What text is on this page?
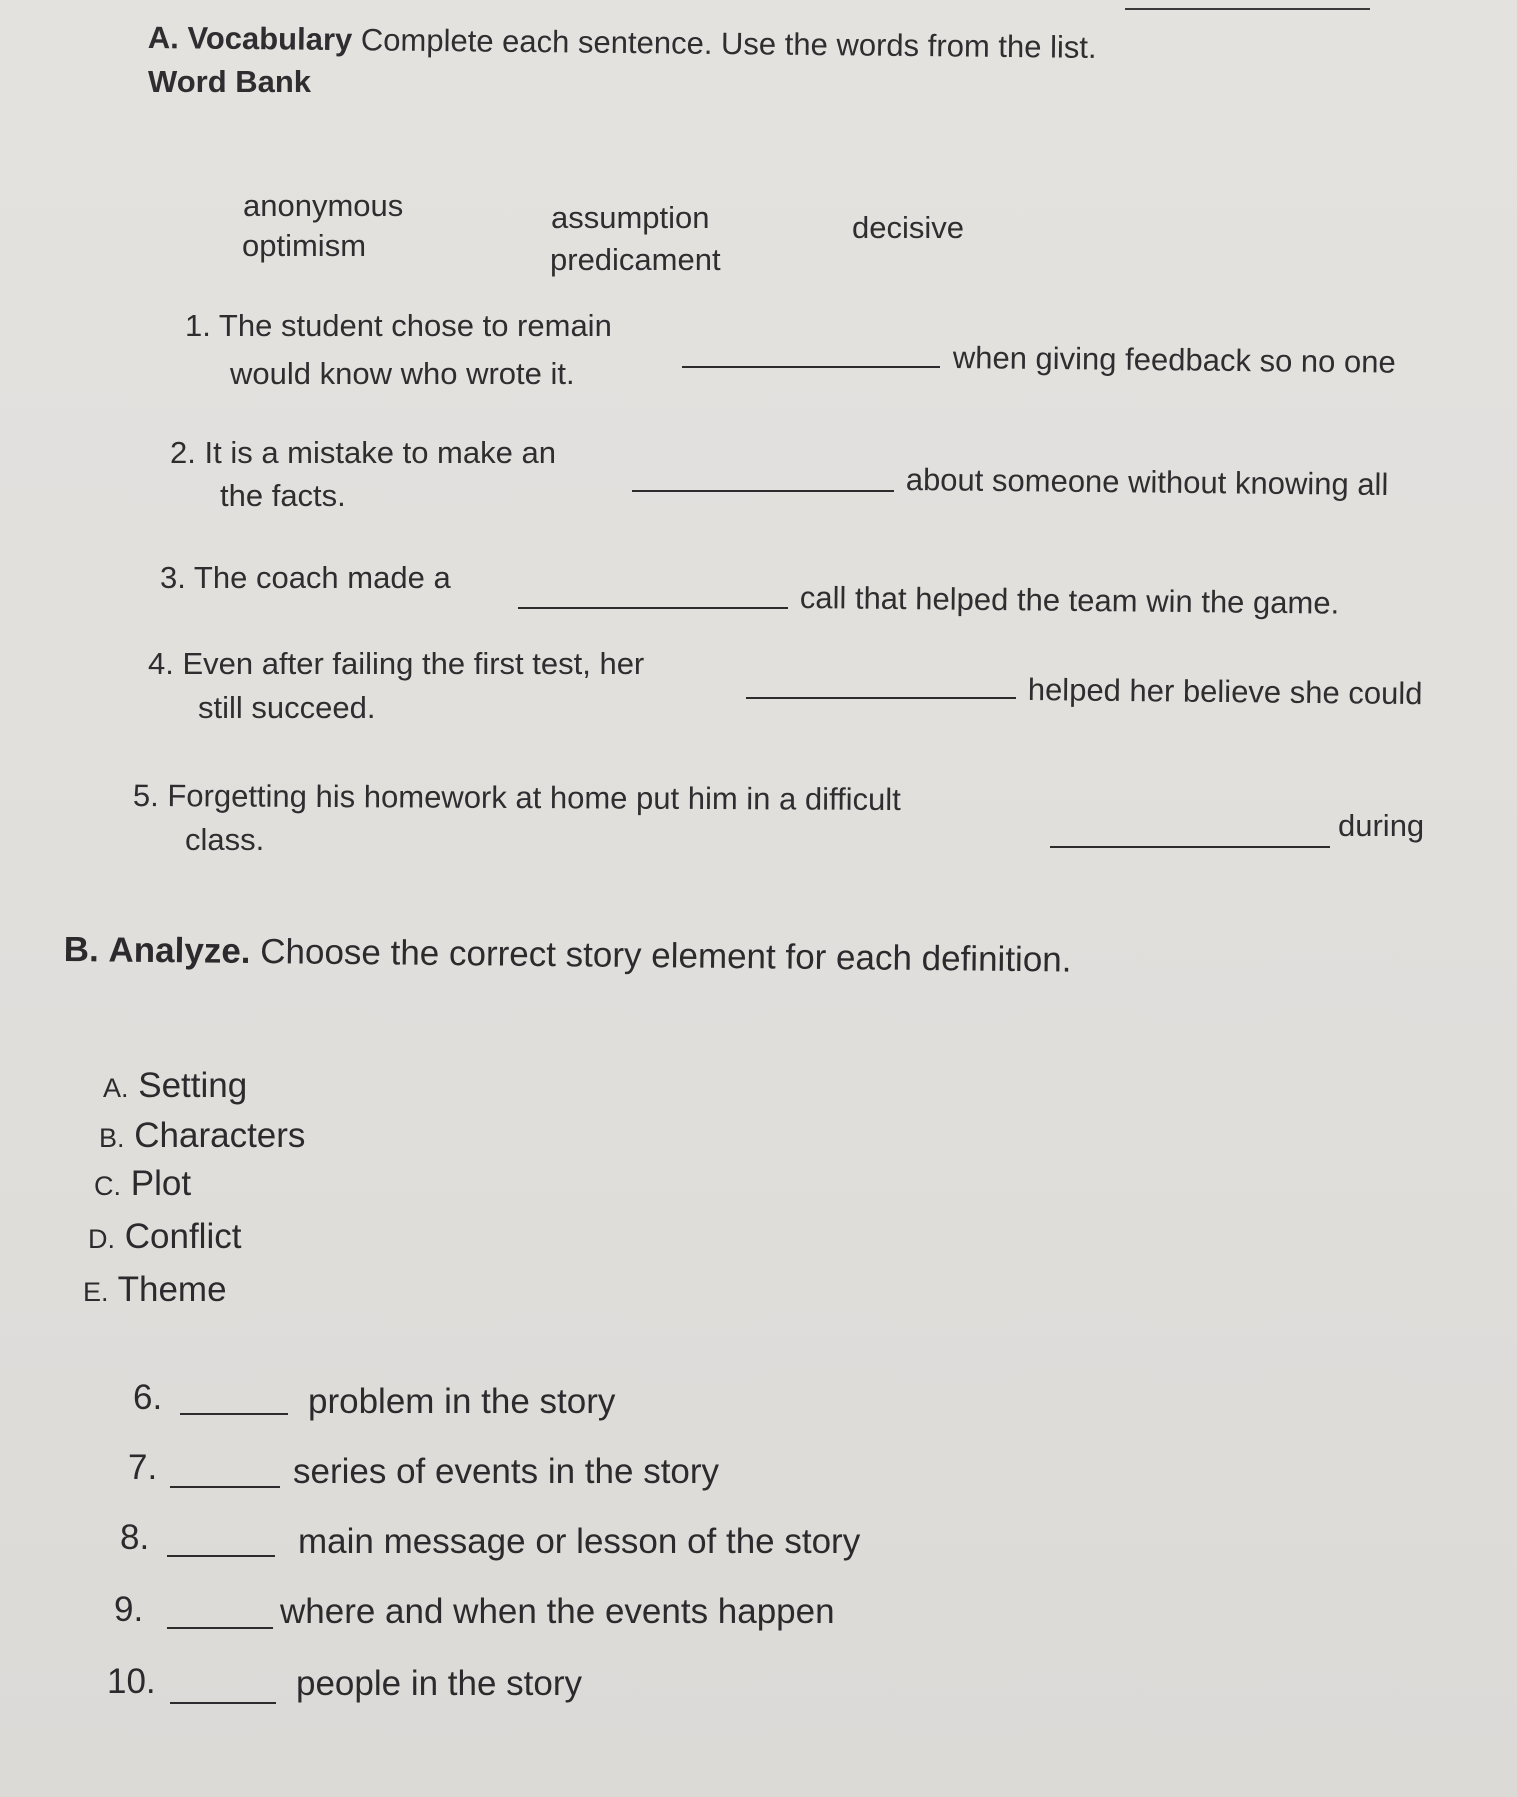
A. Vocabulary Complete each sentence. Use the words from the list.
Word Bank
anonymous	assumption	decisive
optimism	predicament
1. The student chose to remain
when giving feedback so no one
would know who wrote it.
2. It is a mistake to make an
about someone without knowing all
the facts.
3. The coach made a
call that helped the team win the game.
4. Even after failing the first test, her
helped her believe she could
still succeed.
5. Forgetting his homework at home put him in a difficult
during
class.
B. Analyze. Choose the correct story element for each definition.
A. Setting
B. Characters
C. Plot
D. Conflict
E. Theme
6.	problem in the story
7.	series of events in the story
8.	main message or lesson of the story
9.	where and when the events happen
10.	people in the story
